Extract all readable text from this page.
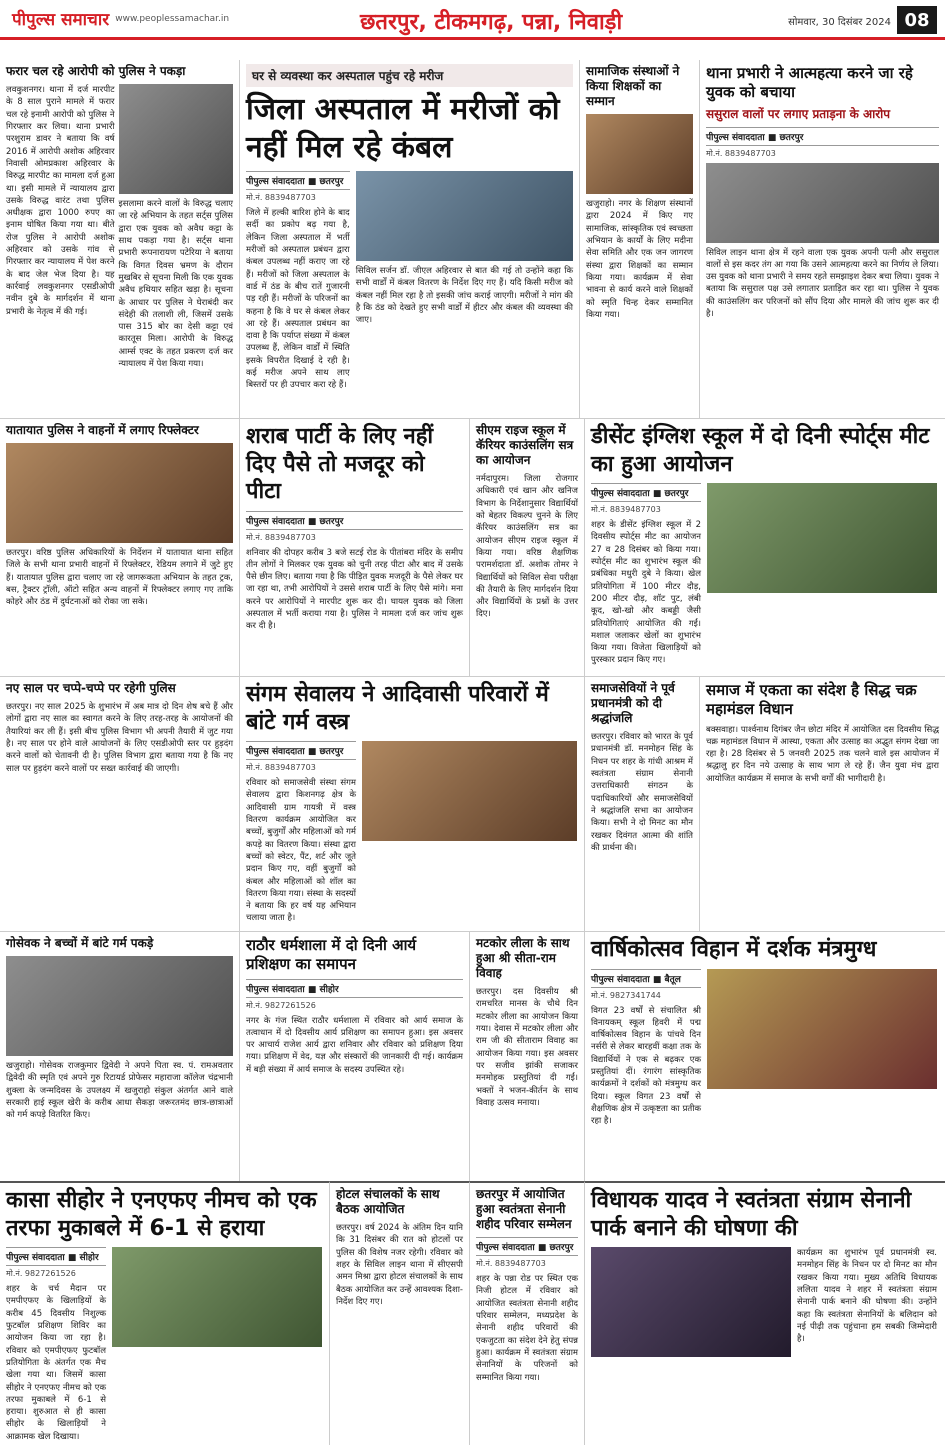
पीपुल्स समाचार www.peoplessamachar.in	छतरपुर, टीकमगढ़, पन्ना, निवाड़ी	सोमवार, 30 दिसंबर 2024 08
फरार चल रहे आरोपी को पुलिस ने पकड़ा
लवकुशनगर। थाना में दर्ज मारपीट के 8 साल पुराने मामले में फरार चल रहे इनामी आरोपी को पुलिस ने गिरफ्तार कर लिया। थाना प्रभारी परशुराम डावर ने बताया कि वर्ष 2016 में आरोपी अशोक अहिरवार निवासी ओमप्रकाश अहिरवार के विरुद्ध मारपीट का मामला दर्ज हुआ था। इसी मामले में न्यायालय द्वारा उसके विरुद्ध वारंट तथा पुलिस अधीक्षक द्वारा 1000 रुपए का इनाम घोषित किया गया था। बीते रोज पुलिस ने आरोपी अशोक अहिरवार को उसके गांव से गिरफ्तार कर न्यायालय में पेश करने के बाद जेल भेज दिया है। यह कार्रवाई लवकुशनगर एसडीओपी नवीन दुबे के मार्गदर्शन में थाना प्रभारी के नेतृत्व में की गई।
इसलामा करने वालों के विरुद्ध चलाए जा रहे अभियान के तहत सर्ट्स पुलिस द्वारा एक युवक को अवैध कट्टा के साथ पकड़ा गया है। सर्ट्स थाना प्रभारी रूपनारायण पटेरिया ने बताया कि विगत दिवस भ्रमण के दौरान मुखबिर से सूचना मिली कि एक युवक अवैध हथियार सहित खड़ा है। सूचना के आधार पर पुलिस ने घेराबंदी कर संदेही की तलाशी ली, जिसमें उसके पास 315 बोर का देसी कट्टा एवं कारतूस मिला। आरोपी के विरुद्ध आर्म्स एक्ट के तहत प्रकरण दर्ज कर न्यायालय में पेश किया गया।
घर से व्यवस्था कर अस्पताल पहुंच रहे मरीज
जिला अस्पताल में मरीजों को नहीं मिल रहे कंबल
पीपुल्स संवाददाता ■ छतरपुर
मो.नं. 8839487703
जिले में हल्की बारिश होने के बाद सर्दी का प्रकोप बढ़ गया है, लेकिन जिला अस्पताल में भर्ती मरीजों को अस्पताल प्रबंधन द्वारा कंबल उपलब्ध नहीं कराए जा रहे हैं। मरीजों को जिला अस्पताल के वार्ड में ठंड के बीच रातें गुजारनी पड़ रही हैं। मरीजों के परिजनों का कहना है कि वे घर से कंबल लेकर आ रहे हैं। अस्पताल प्रबंधन का दावा है कि पर्याप्त संख्या में कंबल उपलब्ध हैं, लेकिन वार्डों में स्थिति इसके विपरीत दिखाई दे रही है। कई मरीज अपने साथ लाए बिस्तरों पर ही उपचार करा रहे हैं।
सिविल सर्जन डॉ. जीएल अहिरवार से बात की गई तो उन्होंने कहा कि सभी वार्डों में कंबल वितरण के निर्देश दिए गए हैं। यदि किसी मरीज को कंबल नहीं मिल रहा है तो इसकी जांच कराई जाएगी। मरीजों ने मांग की है कि ठंड को देखते हुए सभी वार्डों में हीटर और कंबल की व्यवस्था की जाए।
सामाजिक संस्थाओं ने किया शिक्षकों का सम्मान
खजुराहो। नगर के शिक्षण संस्थानों द्वारा 2024 में किए गए सामाजिक, सांस्कृतिक एवं स्वच्छता अभियान के कार्यों के लिए मदीना सेवा समिति और एक जन जागरण संस्था द्वारा शिक्षकों का सम्मान किया गया। कार्यक्रम में सेवा भावना से कार्य करने वाले शिक्षकों को स्मृति चिन्ह देकर सम्मानित किया गया।
थाना प्रभारी ने आत्महत्या करने जा रहे युवक को बचाया
ससुराल वालों पर लगाए प्रताड़ना के आरोप
पीपुल्स संवाददाता ■ छतरपुर
मो.नं. 8839487703
सिविल लाइन थाना क्षेत्र में रहने वाला एक युवक अपनी पत्नी और ससुराल वालों से इस कदर तंग आ गया कि उसने आत्महत्या करने का निर्णय ले लिया। उस युवक को थाना प्रभारी ने समय रहते समझाइश देकर बचा लिया। युवक ने बताया कि ससुराल पक्ष उसे लगातार प्रताड़ित कर रहा था। पुलिस ने युवक की काउंसलिंग कर परिजनों को सौंप दिया और मामले की जांच शुरू कर दी है।
यातायात पुलिस ने वाहनों में लगाए रिफ्लेक्टर
छतरपुर। वरिष्ठ पुलिस अधिकारियों के निर्देशन में यातायात थाना सहित जिले के सभी थाना प्रभारी वाहनों में रिफ्लेक्टर, रेडियम लगाने में जुटे हुए हैं। यातायात पुलिस द्वारा चलाए जा रहे जागरूकता अभियान के तहत ट्रक, बस, ट्रैक्टर ट्रॉली, ऑटो सहित अन्य वाहनों में रिफ्लेक्टर लगाए गए ताकि कोहरे और ठंड में दुर्घटनाओं को रोका जा सके।
शराब पार्टी के लिए नहीं दिए पैसे तो मजदूर को पीटा
पीपुल्स संवाददाता ■ छतरपुर
मो.नं. 8839487703
शनिवार की दोपहर करीब 3 बजे सटई रोड के पीतांबरा मंदिर के समीप तीन लोगों ने मिलकर एक युवक को चुनी तरह पीटा और बाद में उसके पैसे छीन लिए। बताया गया है कि पीड़ित युवक मजदूरी के पैसे लेकर घर जा रहा था, तभी आरोपियों ने उससे शराब पार्टी के लिए पैसे मांगे। मना करने पर आरोपियों ने मारपीट शुरू कर दी। घायल युवक को जिला अस्पताल में भर्ती कराया गया है। पुलिस ने मामला दर्ज कर जांच शुरू कर दी है।
सीएम राइज स्कूल में कॅरियर काउंसलिंग सत्र का आयोजन
नर्मदापुरम। जिला रोजगार अधिकारी एवं खान और खनिज विभाग के निर्देशानुसार विद्यार्थियों को बेहतर विकल्प चुनने के लिए कॅरियर काउंसलिंग सत्र का आयोजन सीएम राइज स्कूल में किया गया। वरिष्ठ शैक्षणिक परामर्शदाता डॉ. अशोक तोमर ने विद्यार्थियों को सिविल सेवा परीक्षा की तैयारी के लिए मार्गदर्शन दिया और विद्यार्थियों के प्रश्नों के उत्तर दिए।
डीसेंट इंग्लिश स्कूल में दो दिनी स्पोर्ट्स मीट का हुआ आयोजन
पीपुल्स संवाददाता ■ छतरपुर
मो.नं. 8839487703
शहर के डीसेंट इंग्लिश स्कूल में 2 दिवसीय स्पोर्ट्स मीट का आयोजन 27 व 28 दिसंबर को किया गया। स्पोर्ट्स मीट का शुभारंभ स्कूल की प्रबंधिका मधुरी दुबे ने किया। खेल प्रतियोगिता में 100 मीटर दौड़, 200 मीटर दौड़, शॉट पुट, लंबी कूद, खो-खो और कबड्डी जैसी प्रतियोगिताएं आयोजित की गईं। मशाल जलाकर खेलों का शुभारंभ किया गया। विजेता खिलाड़ियों को पुरस्कार प्रदान किए गए।
नए साल पर चप्पे-चप्पे पर रहेगी पुलिस
छतरपुर। नए साल 2025 के शुभारंभ में अब मात्र दो दिन शेष बचे हैं और लोगों द्वारा नए साल का स्वागत करने के लिए तरह-तरह के आयोजनों की तैयारियां कर ली हैं। इसी बीच पुलिस विभाग भी अपनी तैयारी में जुट गया है। नए साल पर होने वाले आयोजनों के लिए एसडीओपी स्तर पर हुड़दंग करने वालों को चेतावनी दी है। पुलिस विभाग द्वारा बताया गया है कि नए साल पर हुड़दंग करने वालों पर सख्त कार्रवाई की जाएगी।
संगम सेवालय ने आदिवासी परिवारों में बांटे गर्म वस्त्र
पीपुल्स संवाददाता ■ छतरपुर
मो.नं. 8839487703
रविवार को समाजसेवी संस्था संगम सेवालय द्वारा किशनगढ़ क्षेत्र के आदिवासी ग्राम गायत्री में वस्त्र वितरण कार्यक्रम आयोजित कर बच्चों, बुजुर्गों और महिलाओं को गर्म कपड़े का वितरण किया। संस्था द्वारा बच्चों को स्वेटर, पैंट, शर्ट और जूते प्रदान किए गए, वहीं बुजुर्गों को कंबल और महिलाओं को शॉल का वितरण किया गया। संस्था के सदस्यों ने बताया कि हर वर्ष यह अभियान चलाया जाता है।
समाजसेवियों ने पूर्व प्रधानमंत्री को दी श्रद्धांजलि
छतरपुर। रविवार को भारत के पूर्व प्रधानमंत्री डॉ. मनमोहन सिंह के निधन पर शहर के गांधी आश्रम में स्वतंत्रता संग्राम सेनानी उत्तराधिकारी संगठन के पदाधिकारियों और समाजसेवियों ने श्रद्धांजलि सभा का आयोजन किया। सभी ने दो मिनट का मौन रखकर दिवंगत आत्मा की शांति की प्रार्थना की।
समाज में एकता का संदेश है सिद्ध चक्र महामंडल विधान
बक्सवाहा। पार्श्वनाथ दिगंबर जैन छोटा मंदिर में आयोजित दस दिवसीय सिद्ध चक्र महामंडल विधान में आस्था, एकता और उत्साह का अद्भुत संगम देखा जा रहा है। 28 दिसंबर से 5 जनवरी 2025 तक चलने वाले इस आयोजन में श्रद्धालु हर दिन नये उत्साह के साथ भाग ले रहे हैं। जैन युवा मंच द्वारा आयोजित कार्यक्रम में समाज के सभी वर्गों की भागीदारी है।
गोसेवक ने बच्चों में बांटे गर्म पकड़े
खजुराहो। गोसेवक राजकुमार द्विवेदी ने अपने पिता स्व. पं. रामअवतार द्विवेदी की स्मृति एवं अपने गुरु रिटायर्ड प्रोफेसर महाराजा कॉलेज चंद्रभानी शुक्ला के जन्मदिवस के उपलक्ष्य में खजुराहो संकुल अंतर्गत आने वाले सरकारी हाई स्कूल खेरी के करीब आधा सैकड़ा जरूरतमंद छात्र-छात्राओं को गर्म कपड़े वितरित किए।
राठौर धर्मशाला में दो दिनी आर्य प्रशिक्षण का समापन
पीपुल्स संवाददाता ■ सीहोर
मो.नं. 9827261526
नगर के गंज स्थित राठौर धर्मशाला में रविवार को आर्य समाज के तत्वाधान में दो दिवसीय आर्य प्रशिक्षण का समापन हुआ। इस अवसर पर आचार्य राजेश आर्य द्वारा शनिवार और रविवार को प्रशिक्षण दिया गया। प्रशिक्षण में वेद, यज्ञ और संस्कारों की जानकारी दी गई। कार्यक्रम में बड़ी संख्या में आर्य समाज के सदस्य उपस्थित रहे।
मटकोर लीला के साथ हुआ श्री सीता-राम विवाह
छतरपुर। दस दिवसीय श्री रामचरित मानस के चौथे दिन मटकोर लीला का आयोजन किया गया। देवास में मटकोर लीला और राम जी की सीताराम विवाह का आयोजन किया गया। इस अवसर पर सजीव झांकी सजाकर मनमोहक प्रस्तुतियां दी गईं। भक्तों ने भजन-कीर्तन के साथ विवाह उत्सव मनाया।
वार्षिकोत्सव विहान में दर्शक मंत्रमुग्ध
पीपुल्स संवाददाता ■ बैतूल
मो.नं. 9827341744
विगत 23 वर्षों से संचालित श्री विनायकम् स्कूल हिवरी में पद्म वार्षिकोत्सव विहान के पांचवे दिन नर्सरी से लेकर बारहवीं कक्षा तक के विद्यार्थियों ने एक से बढ़कर एक प्रस्तुतियां दीं। रंगारंग सांस्कृतिक कार्यक्रमों ने दर्शकों को मंत्रमुग्ध कर दिया। स्कूल विगत 23 वर्षों से शैक्षणिक क्षेत्र में उत्कृष्टता का प्रतीक रहा है।
कासा सीहोर ने एनएफए नीमच को एक तरफा मुकाबले में 6-1 से हराया
पीपुल्स संवाददाता ■ सीहोर
मो.नं. 9827261526
शहर के चर्च मैदान पर एमपीएफए के खिलाड़ियों के करीब 45 दिवसीय निशुल्क फुटबॉल प्रशिक्षण शिविर का आयोजन किया जा रहा है। रविवार को एमपीएफए फुटबॉल प्रतियोगिता के अंतर्गत एक मैच खेला गया था। जिसमें कासा सीहोर ने एनएफए नीमच को एक तरफा मुकाबले में 6-1 से हराया। शुरुआत से ही कासा सीहोर के खिलाड़ियों ने आक्रामक खेल दिखाया।
होटल संचालकों के साथ बैठक आयोजित
छतरपुर। वर्ष 2024 के अंतिम दिन यानि कि 31 दिसंबर की रात को होटलों पर पुलिस की विशेष नजर रहेगी। रविवार को शहर के सिविल लाइन थाना में सीएसपी अमन मिश्रा द्वारा होटल संचालकों के साथ बैठक आयोजित कर उन्हें आवश्यक दिशा-निर्देश दिए गए।
छतरपुर में आयोजित हुआ स्वतंत्रता सेनानी शहीद परिवार सम्मेलन
पीपुल्स संवाददाता ■ छतरपुर
मो.नं. 8839487703
शहर के पन्ना रोड पर स्थित एक निजी होटल में रविवार को आयोजित स्वतंत्रता सेनानी शहीद परिवार सम्मेलन, मध्यप्रदेश के सेनानी शहीद परिवारों की एकजुटता का संदेश देने हेतु संपन्न हुआ। कार्यक्रम में स्वतंत्रता संग्राम सेनानियों के परिजनों को सम्मानित किया गया।
विधायक यादव ने स्वतंत्रता संग्राम सेनानी पार्क बनाने की घोषणा की
कार्यक्रम का शुभारंभ पूर्व प्रधानमंत्री स्व. मनमोहन सिंह के निधन पर दो मिनट का मौन रखकर किया गया। मुख्य अतिथि विधायक ललिता यादव ने शहर में स्वतंत्रता संग्राम सेनानी पार्क बनाने की घोषणा की। उन्होंने कहा कि स्वतंत्रता सेनानियों के बलिदान को नई पीढ़ी तक पहुंचाना हम सबकी जिम्मेदारी है।
